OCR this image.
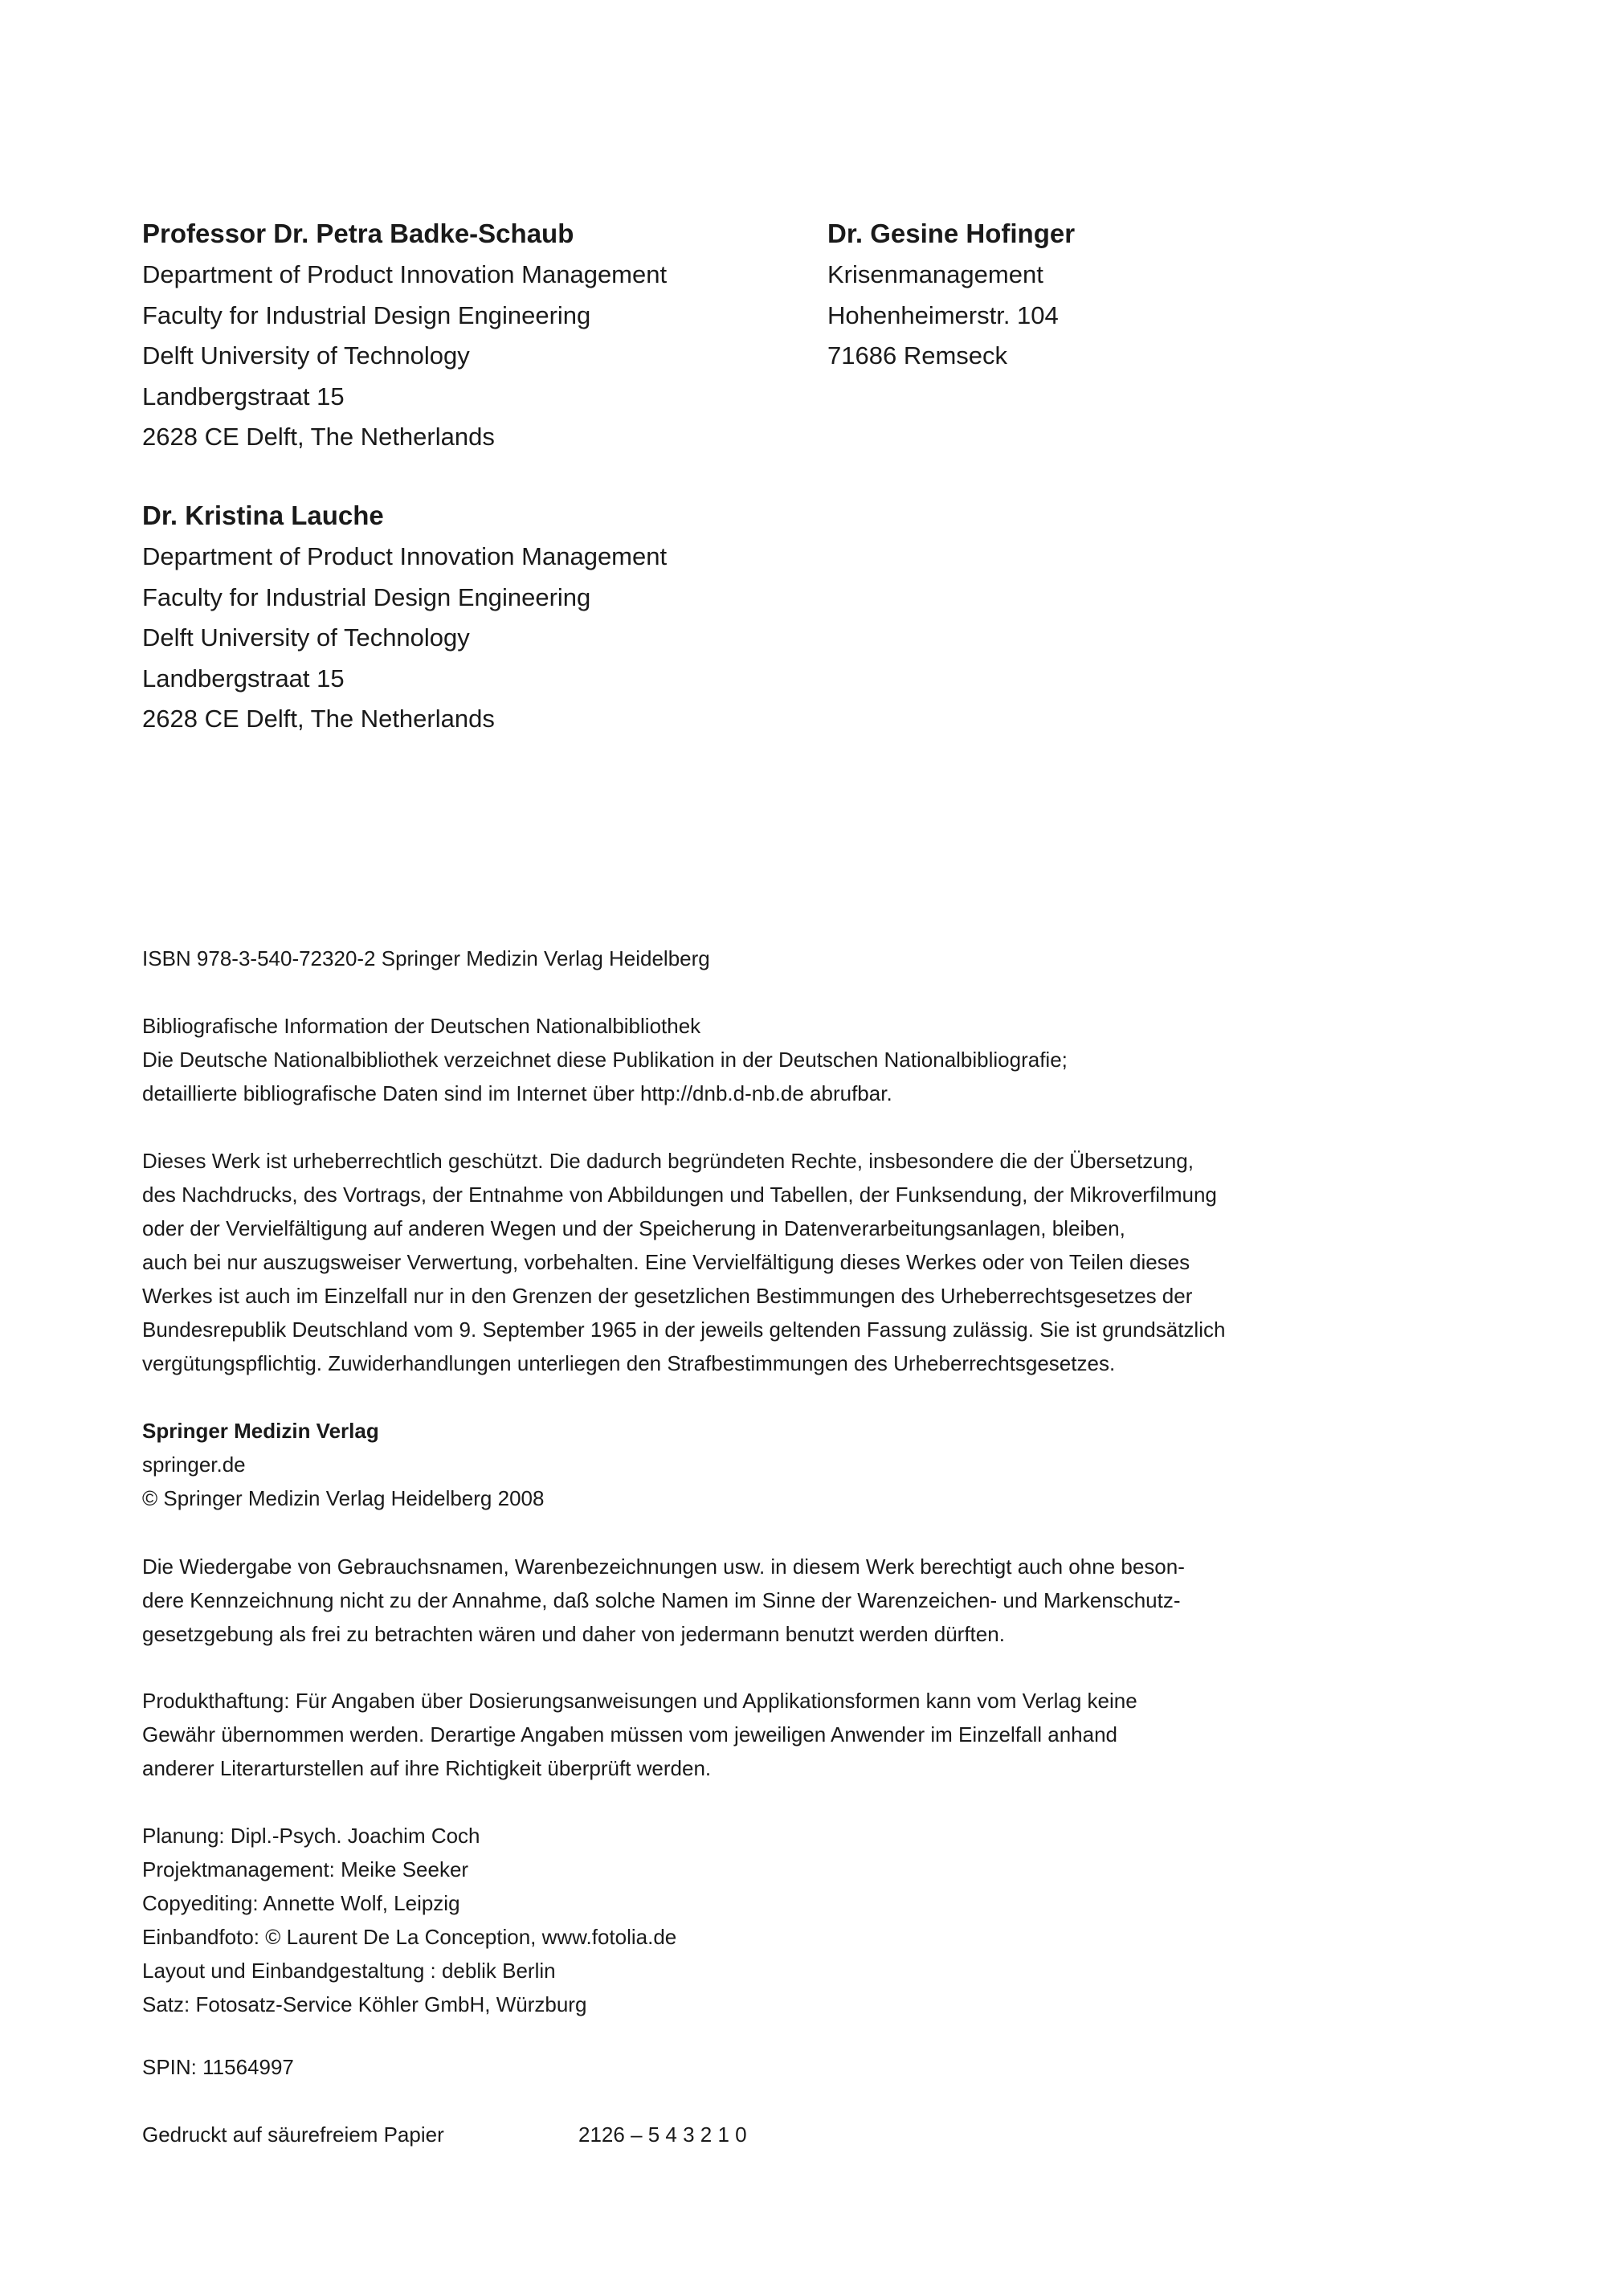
Professor Dr. Petra Badke-Schaub
Department of Product Innovation Management
Faculty for Industrial Design Engineering
Delft University of Technology
Landbergstraat 15
2628 CE Delft, The Netherlands
Dr. Gesine Hofinger
Krisenmanagement
Hohenheimerstr. 104
71686 Remseck
Dr. Kristina Lauche
Department of Product Innovation Management
Faculty for Industrial Design Engineering
Delft University of Technology
Landbergstraat 15
2628 CE Delft, The Netherlands
ISBN 978-3-540-72320-2 Springer Medizin Verlag Heidelberg
Bibliografische Information der Deutschen Nationalbibliothek
Die Deutsche Nationalbibliothek verzeichnet diese Publikation in der Deutschen Nationalbibliografie;
detaillierte bibliografische Daten sind im Internet über http://dnb.d-nb.de abrufbar.
Dieses Werk ist urheberrechtlich geschützt. Die dadurch begründeten Rechte, insbesondere die der Übersetzung,
des Nachdrucks, des Vortrags, der Entnahme von Abbildungen und Tabellen, der Funksendung, der Mikroverfilmung
oder der Vervielfältigung auf anderen Wegen und der Speicherung in Datenverarbeitungsanlagen, bleiben,
auch bei nur auszugsweiser Verwertung, vorbehalten. Eine Vervielfältigung dieses Werkes oder von Teilen dieses
Werkes ist auch im Einzelfall nur in den Grenzen der gesetzlichen Bestimmungen des Urheberrechtsgesetzes der
Bundesrepublik Deutschland vom 9. September 1965 in der jeweils geltenden Fassung zulässig. Sie ist grundsätzlich
vergütungspflichtig. Zuwiderhandlungen unterliegen den Strafbestimmungen des Urheberrechtsgesetzes.
Springer Medizin Verlag
springer.de
© Springer Medizin Verlag Heidelberg 2008
Die Wiedergabe von Gebrauchsnamen, Warenbezeichnungen usw. in diesem Werk berechtigt auch ohne beson-
dere Kennzeichnung nicht zu der Annahme, daß solche Namen im Sinne der Warenzeichen- und Markenschutz-
gesetzgebung als frei zu betrachten wären und daher von jedermann benutzt werden dürften.
Produkthaftung: Für Angaben über Dosierungsanweisungen und Applikationsformen kann vom Verlag keine
Gewähr übernommen werden. Derartige Angaben müssen vom jeweiligen Anwender im Einzelfall anhand
anderer Literarturstellen auf ihre Richtigkeit überprüft werden.
Planung: Dipl.-Psych. Joachim Coch
Projektmanagement: Meike Seeker
Copyediting: Annette Wolf, Leipzig
Einbandfoto: © Laurent De La Conception, www.fotolia.de
Layout und Einbandgestaltung : deblik Berlin
Satz: Fotosatz-Service Köhler GmbH, Würzburg
SPIN: 11564997
Gedruckt auf säurefreiem Papier	2126 – 5 4 3 2 1 0
